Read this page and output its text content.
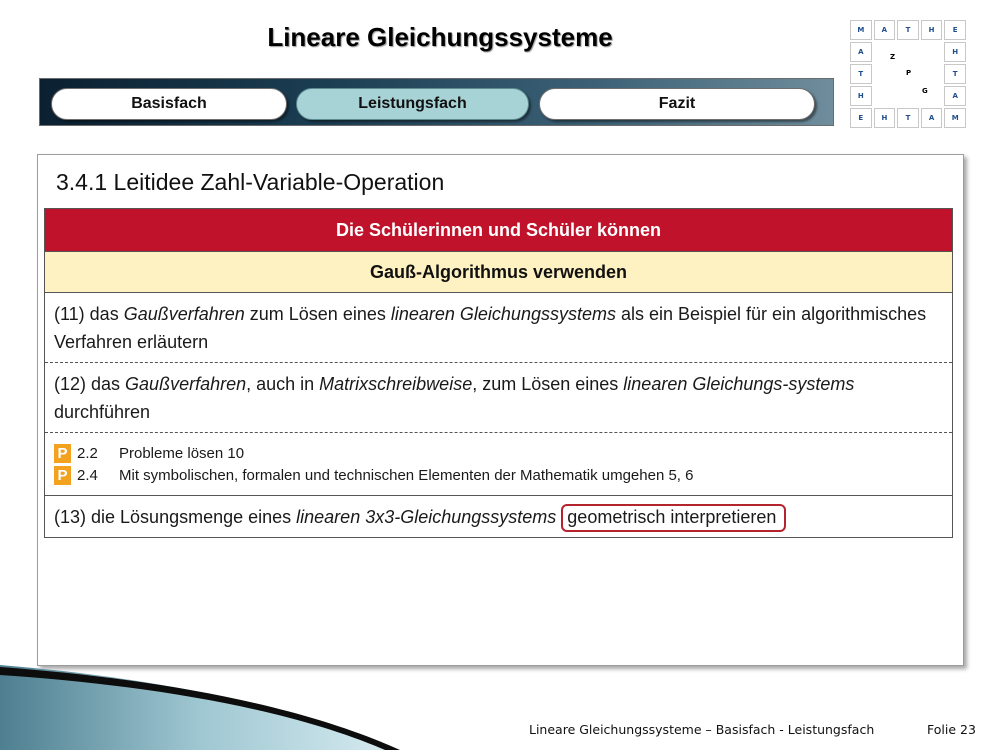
Lineare Gleichungssysteme
Basisfach	Leistungsfach	Fazit
M	A	T	H	E
A	H
T	T
H	A
E	H	T	A	M
Z
P
G
3.4.1 Leitidee Zahl-Variable-Operation
Die Schülerinnen und Schüler können
Gauß-Algorithmus verwenden
(11) das Gaußverfahren zum Lösen eines linearen Gleichungssystems als ein Beispiel für ein algorithmisches Verfahren erläutern
(12) das Gaußverfahren, auch in Matrixschreibweise, zum Lösen eines linearen Gleichungs-systems durchführen
P 2.2	Probleme lösen 10
P 2.4	Mit symbolischen, formalen und technischen Elementen der Mathematik umgehen 5, 6
(13) die Lösungsmenge eines linearen 3x3-Gleichungssystems geometrisch interpretieren
Lineare Gleichungssysteme – Basisfach - Leistungsfach	Folie 23
